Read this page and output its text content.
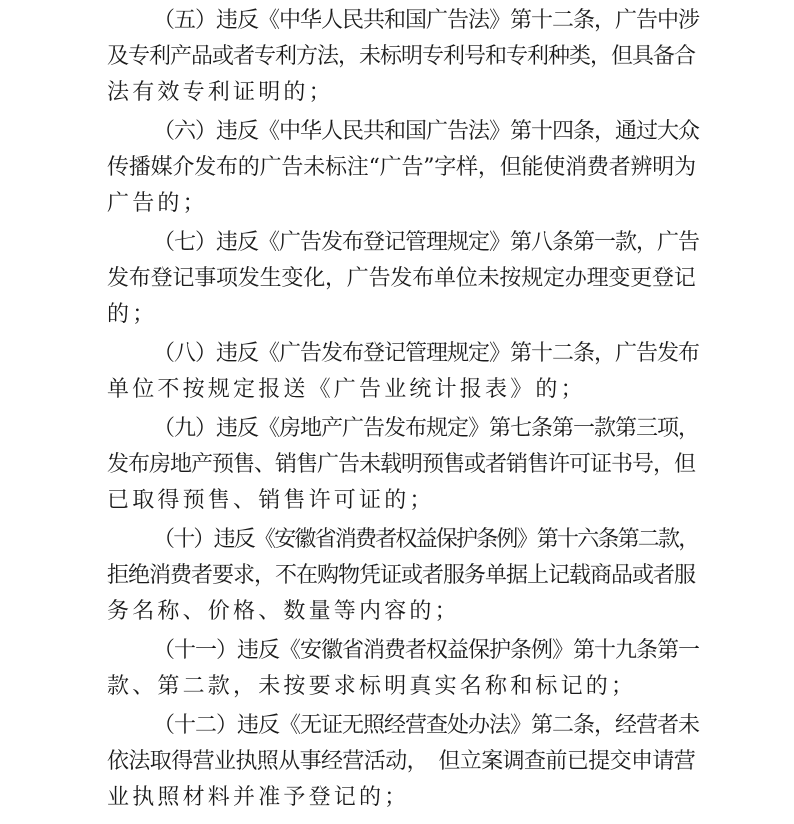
（五）违反《中华人民共和国广告法》第十二条，广告中涉
及专利产品或者专利方法，未标明专利号和专利种类，但具备合
法有效专利证明的；
（六）违反《中华人民共和国广告法》第十四条，通过大众
传播媒介发布的广告未标注“广告”字样，但能使消费者辨明为
广告的；
（七）违反《广告发布登记管理规定》第八条第一款，广告
发布登记事项发生变化，广告发布单位未按规定办理变更登记
的；
（八）违反《广告发布登记管理规定》第十二条，广告发布
单位不按规定报送《广告业统计报表》的；
（九）违反《房地产广告发布规定》第七条第一款第三项，
发布房地产预售、销售广告未载明预售或者销售许可证书号，但
已取得预售、销售许可证的；
（十）违反《安徽省消费者权益保护条例》第十六条第二款，
拒绝消费者要求，不在购物凭证或者服务单据上记载商品或者服
务名称、价格、数量等内容的；
（十一）违反《安徽省消费者权益保护条例》第十九条第一
款、第二款，未按要求标明真实名称和标记的；
（十二）违反《无证无照经营查处办法》第二条，经营者未
依法取得营业执照从事经营活动，　但立案调查前已提交申请营
业执照材料并准予登记的；
